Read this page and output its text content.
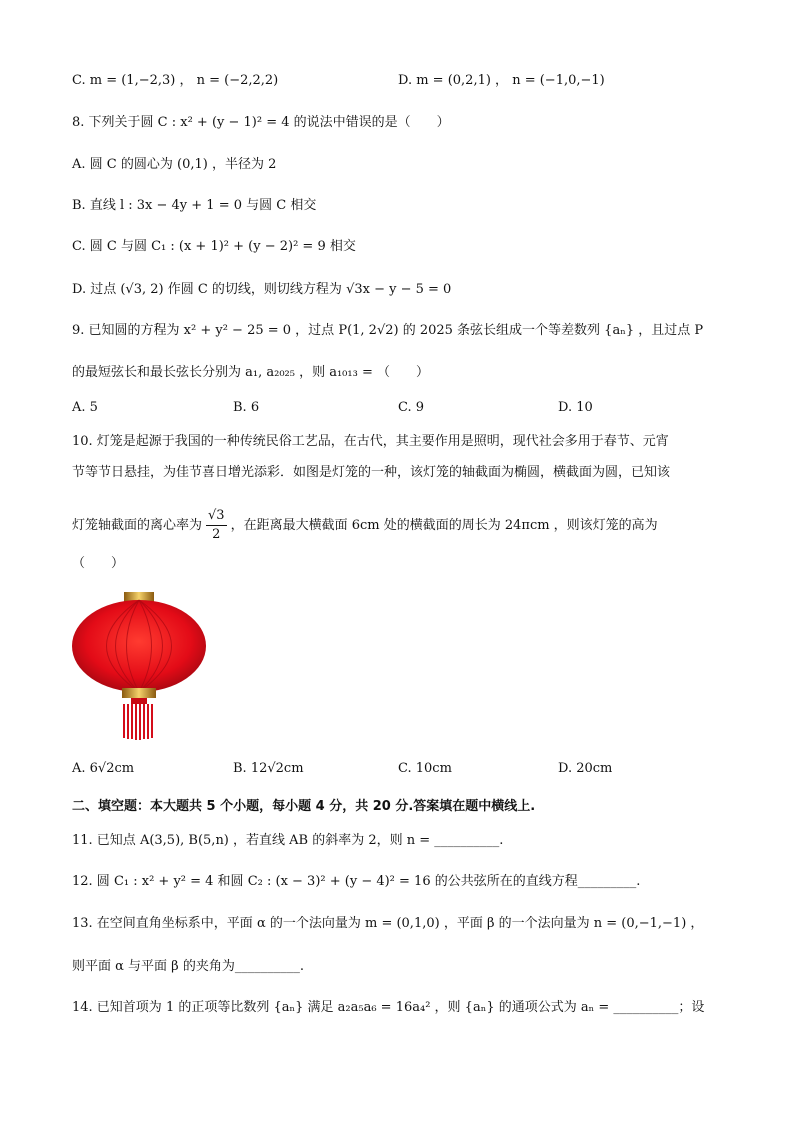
C. m = (1,−2,3) ， n = (−2,2,2)	D. m = (0,2,1) ， n = (−1,0,−1)
8. 下列关于圆 C : x² + (y − 1)² = 4 的说法中错误的是（　　）
A. 圆 C 的圆心为 (0,1) ，半径为 2
B. 直线 l : 3x − 4y + 1 = 0 与圆 C 相交
C. 圆 C 与圆 C₁ : (x + 1)² + (y − 2)² = 9 相交
D. 过点 (√3, 2) 作圆 C 的切线，则切线方程为 √3x − y − 5 = 0
9. 已知圆的方程为 x² + y² − 25 = 0 ，过点 P(1, 2√2) 的 2025 条弦长组成一个等差数列 {aₙ} ，且过点 P
的最短弦长和最长弦长分别为 a₁, a₂₀₂₅ ，则 a₁₀₁₃ = （　　）
A. 5	B. 6	C. 9	D. 10
10. 灯笼是起源于我国的一种传统民俗工艺品，在古代，其主要作用是照明，现代社会多用于春节、元宵
节等节日悬挂，为佳节喜日增光添彩．如图是灯笼的一种，该灯笼的轴截面为椭圆，横截面为圆，已知该
灯笼轴截面的离心率为 $\frac{√3}{2}$ ，在距离最大横截面 6cm 处的横截面的周长为 24πcm ，则该灯笼的高为
（　　）
A. 6√2cm	B. 12√2cm	C. 10cm	D. 20cm
二、填空题：本大题共 5 个小题，每小题 4 分，共 20 分.答案填在题中横线上.
11. 已知点 A(3,5), B(5,n) ，若直线 AB 的斜率为 2，则 n = __________.
12. 圆 C₁ : x² + y² = 4 和圆 C₂ : (x − 3)² + (y − 4)² = 16 的公共弦所在的直线方程_________.
13. 在空间直角坐标系中，平面 α 的一个法向量为 m = (0,1,0) ，平面 β 的一个法向量为 n = (0,−1,−1) ，
则平面 α 与平面 β 的夹角为__________.
14. 已知首项为 1 的正项等比数列 {aₙ} 满足 a₂a₅a₆ = 16a₄² ，则 {aₙ} 的通项公式为 aₙ = __________；设
